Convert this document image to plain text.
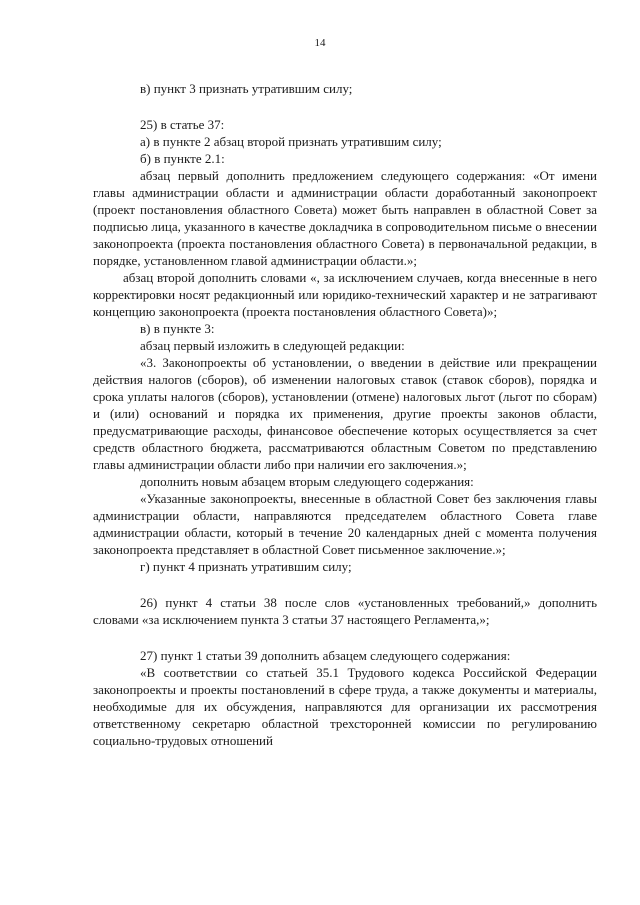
14

в) пункт 3 признать утратившим силу;

25) в статье 37:

а) в пункте 2 абзац второй признать утратившим силу;

б) в пункте 2.1:

абзац первый дополнить предложением следующего содержания: «От имени главы администрации области и администрации области доработанный законопроект (проект постановления областного Совета) может быть направлен в областной Совет за подписью лица, указанного в качестве докладчика в сопроводительном письме о внесении законопроекта (проекта постановления областного Совета) в первоначальной редакции, в порядке, установленном главой администрации области.»;

абзац второй дополнить словами «, за исключением случаев, когда внесенные в него корректировки носят редакционный или юридико-технический характер и не затрагивают концепцию законопроекта (проекта постановления областного Совета)»;

в) в пункте 3:

абзац первый изложить в следующей редакции:

«3. Законопроекты об установлении, о введении в действие или прекращении действия налогов (сборов), об изменении налоговых ставок (ставок сборов), порядка и срока уплаты налогов (сборов), установлении (отмене) налоговых льгот (льгот по сборам) и (или) оснований и порядка их применения, другие проекты законов области, предусматривающие расходы, финансовое обеспечение которых осуществляется за счет средств областного бюджета, рассматриваются областным Советом по представлению главы администрации области либо при наличии его заключения.»;

дополнить новым абзацем вторым следующего содержания:

«Указанные законопроекты, внесенные в областной Совет без заключения главы администрации области, направляются председателем областного Совета главе администрации области, который в течение 20 календарных дней с момента получения законопроекта представляет в областной Совет письменное заключение.»;

г) пункт 4 признать утратившим силу;

26) пункт 4 статьи 38 после слов «установленных требований,» дополнить словами «за исключением пункта 3 статьи 37 настоящего Регламента,»;

27) пункт 1 статьи 39 дополнить абзацем следующего содержания:

«В соответствии со статьей 35.1 Трудового кодекса Российской Федерации законопроекты и проекты постановлений в сфере труда, а также документы и материалы, необходимые для их обсуждения, направляются для организации их рассмотрения ответственному секретарю областной трехсторонней комиссии по регулированию социально-трудовых отношений
